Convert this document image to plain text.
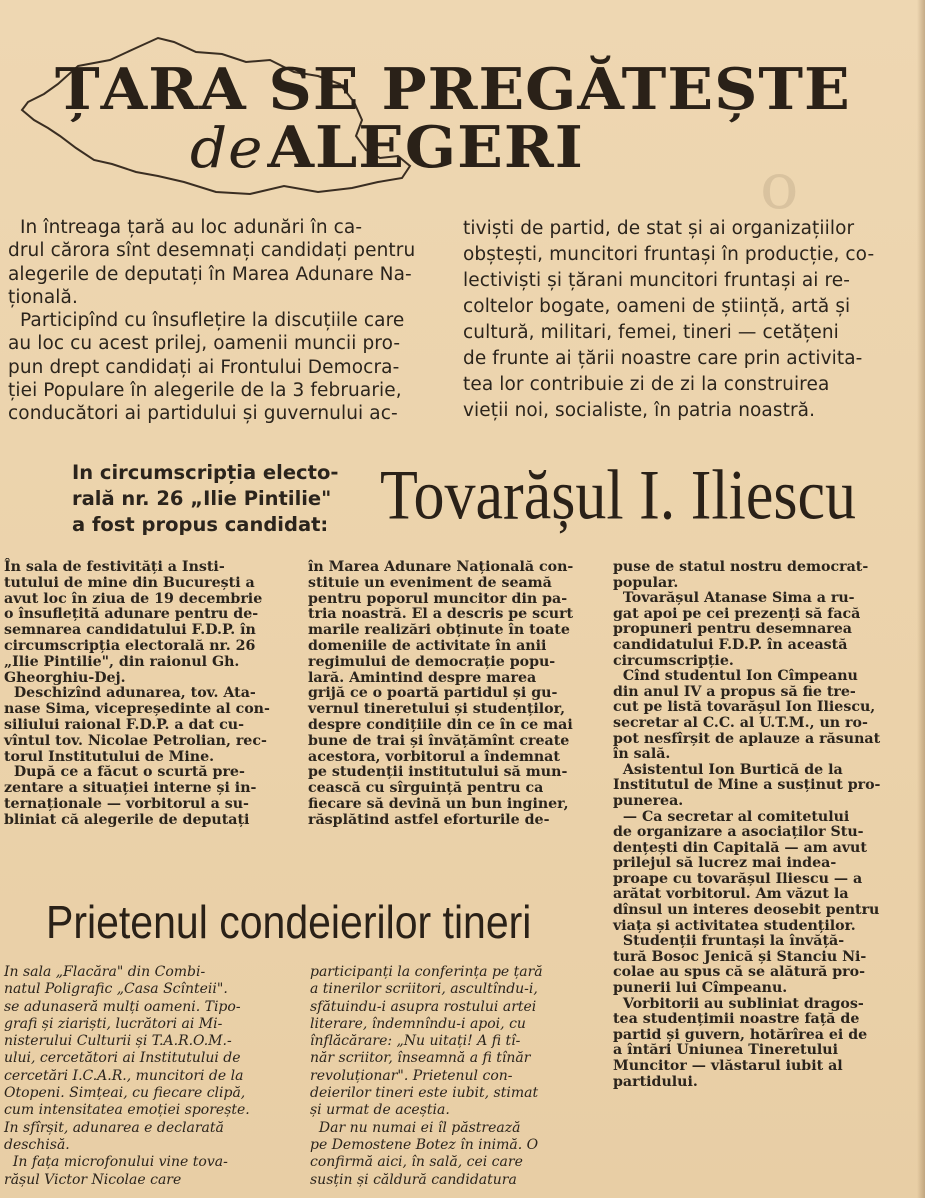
ο
ȚARA SE PREGĂTEȘTE
deALEGERI
In întreaga țară au loc adunări în ca-
drul cărora sînt desemnați candidați pentru
alegerile de deputați în Marea Adunare Na-
țională.
Participînd cu însuflețire la discuțiile care
au loc cu acest prilej, oamenii muncii pro-
pun drept candidați ai Frontului Democra-
ției Populare în alegerile de la 3 februarie,
conducători ai partidului și guvernului ac-
tiviști de partid, de stat și ai organizațiilor
obștești, muncitori fruntași în producție, co-
lectiviști și țărani muncitori fruntași ai re-
coltelor bogate, oameni de știință, artă și
cultură, militari, femei, tineri — cetățeni
de frunte ai țării noastre care prin activita-
tea lor contribuie zi de zi la construirea
vieții noi, socialiste, în patria noastră.
In circumscripția electo-
rală nr. 26 „Ilie Pintilie"
a fost propus candidat: Tovarășul I. Iliescu
În sala de festivități a Insti-
tutului de mine din București a
avut loc în ziua de 19 decembrie
o însuflețită adunare pentru de-
semnarea candidatului F.D.P. în
circumscripția electorală nr. 26
„Ilie Pintilie", din raionul Gh.
Gheorghiu-Dej.
Deschizînd adunarea, tov. Ata-
nase Sima, vicepreședinte al con-
siliului raional F.D.P. a dat cu-
vîntul tov. Nicolae Petrolian, rec-
torul Institutului de Mine.
După ce a făcut o scurtă pre-
zentare a situației interne și in-
ternaționale — vorbitorul a su-
bliniat că alegerile de deputați
în Marea Adunare Națională con-
stituie un eveniment de seamă
pentru poporul muncitor din pa-
tria noastră. El a descris pe scurt
marile realizări obținute în toate
domeniile de activitate în anii
regimului de democrație popu-
lară. Amintind despre marea
grijă ce o poartă partidul și gu-
vernul tineretului și studenților,
despre condițiile din ce în ce mai
bune de trai și învățămînt create
acestora, vorbitorul a îndemnat
pe studenții institutului să mun-
cească cu sîrguință pentru ca
fiecare să devină un bun inginer,
răsplătind astfel eforturile de-
puse de statul nostru democrat-
popular.
Tovarășul Atanase Sima a ru-
gat apoi pe cei prezenți să facă
propuneri pentru desemnarea
candidatului F.D.P. în această
circumscripție.
Cînd studentul Ion Cîmpeanu
din anul IV a propus să fie tre-
cut pe listă tovarășul Ion Iliescu,
secretar al C.C. al U.T.M., un ro-
pot nesfîrșit de aplauze a răsunat
în sală.
Asistentul Ion Burtică de la
Institutul de Mine a susținut pro-
punerea.
— Ca secretar al comitetului
de organizare a asociaților Stu-
dențești din Capitală — am avut
prilejul să lucrez mai indea-
proape cu tovarășul Iliescu — a
arătat vorbitorul. Am văzut la
dînsul un interes deosebit pentru
viața și activitatea studenților.
Studenții fruntași la învăță-
tură Bosoc Jenică și Stanciu Ni-
colae au spus că se alătură pro-
punerii lui Cîmpeanu.
Vorbitorii au subliniat dragos-
tea studențimii noastre față de
partid și guvern, hotărîrea ei de
a întări Uniunea Tineretului
Muncitor — vlăstarul iubit al
partidului.
Prietenul condeierilor tineri
In sala „Flacăra" din Combi-
natul Poligrafic „Casa Scînteii".
se adunaseră mulți oameni. Tipo-
grafi și ziariști, lucrători ai Mi-
nisterului Culturii și T.A.R.O.M.-
ului, cercetători ai Institutului de
cercetări I.C.A.R., muncitori de la
Otopeni. Simțeai, cu fiecare clipă,
cum intensitatea emoției sporește.
In sfîrșit, adunarea e declarată
deschisă.
In fața microfonului vine tova-
rășul Victor Nicolae care
participanți la conferința pe țară
a tinerilor scriitori, ascultîndu-i,
sfătuindu-i asupra rostului artei
literare, îndemnîndu-i apoi, cu
înflăcărare: „Nu uitați! A fi tî-
năr scriitor, înseamnă a fi tînăr
revoluționar". Prietenul con-
deierilor tineri este iubit, stimat
și urmat de aceștia.
Dar nu numai ei îl păstrează
pe Demostene Botez în inimă. O
confirmă aici, în sală, cei care
susțin și căldură candidatura
